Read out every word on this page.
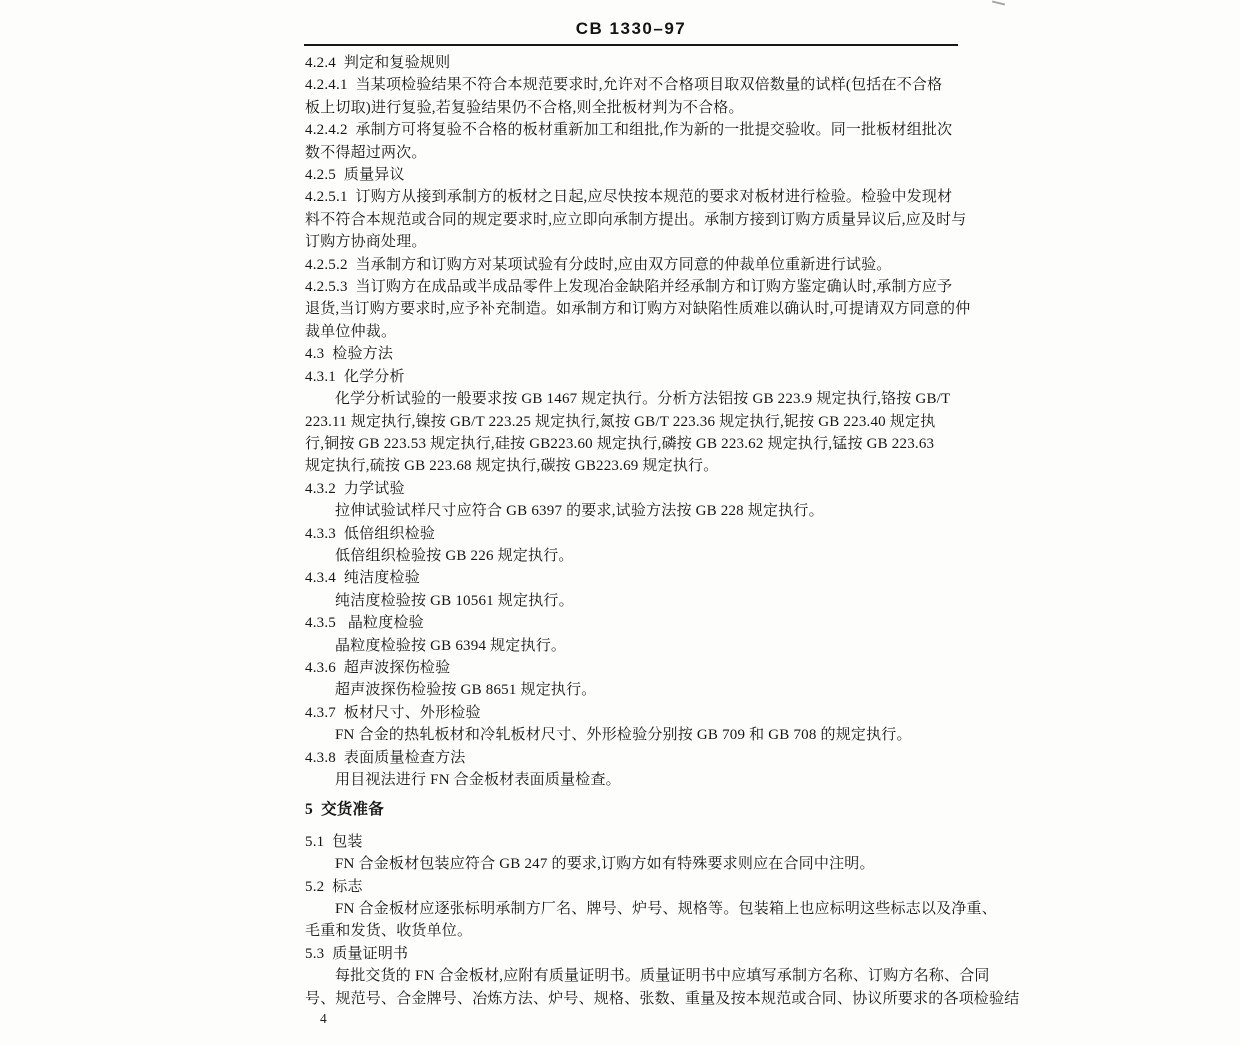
CB 1330–97
4.2.4  判定和复验规则
4.2.4.1  当某项检验结果不符合本规范要求时,允许对不合格项目取双倍数量的试样(包括在不合格
板上切取)进行复验,若复验结果仍不合格,则全批板材判为不合格。
4.2.4.2  承制方可将复验不合格的板材重新加工和组批,作为新的一批提交验收。同一批板材组批次
数不得超过两次。
4.2.5  质量异议
4.2.5.1  订购方从接到承制方的板材之日起,应尽快按本规范的要求对板材进行检验。检验中发现材
料不符合本规范或合同的规定要求时,应立即向承制方提出。承制方接到订购方质量异议后,应及时与
订购方协商处理。
4.2.5.2  当承制方和订购方对某项试验有分歧时,应由双方同意的仲裁单位重新进行试验。
4.2.5.3  当订购方在成品或半成品零件上发现冶金缺陷并经承制方和订购方鉴定确认时,承制方应予
退货,当订购方要求时,应予补充制造。如承制方和订购方对缺陷性质难以确认时,可提请双方同意的仲
裁单位仲裁。
4.3  检验方法
4.3.1  化学分析
化学分析试验的一般要求按 GB 1467 规定执行。分析方法铝按 GB 223.9 规定执行,铬按 GB/T
223.11 规定执行,镍按 GB/T 223.25 规定执行,氮按 GB/T 223.36 规定执行,铌按 GB 223.40 规定执
行,铜按 GB 223.53 规定执行,硅按 GB223.60 规定执行,磷按 GB 223.62 规定执行,锰按 GB 223.63
规定执行,硫按 GB 223.68 规定执行,碳按 GB223.69 规定执行。
4.3.2  力学试验
拉伸试验试样尺寸应符合 GB 6397 的要求,试验方法按 GB 228 规定执行。
4.3.3  低倍组织检验
低倍组织检验按 GB 226 规定执行。
4.3.4  纯洁度检验
纯洁度检验按 GB 10561 规定执行。
4.3.5   晶粒度检验
晶粒度检验按 GB 6394 规定执行。
4.3.6  超声波探伤检验
超声波探伤检验按 GB 8651 规定执行。
4.3.7  板材尺寸、外形检验
FN 合金的热轧板材和冷轧板材尺寸、外形检验分别按 GB 709 和 GB 708 的规定执行。
4.3.8  表面质量检查方法
用目视法进行 FN 合金板材表面质量检查。
5  交货准备
5.1  包装
FN 合金板材包装应符合 GB 247 的要求,订购方如有特殊要求则应在合同中注明。
5.2  标志
FN 合金板材应逐张标明承制方厂名、牌号、炉号、规格等。包装箱上也应标明这些标志以及净重、
毛重和发货、收货单位。
5.3  质量证明书
每批交货的 FN 合金板材,应附有质量证明书。质量证明书中应填写承制方名称、订购方名称、合同
号、规范号、合金牌号、冶炼方法、炉号、规格、张数、重量及按本规范或合同、协议所要求的各项检验结
4
